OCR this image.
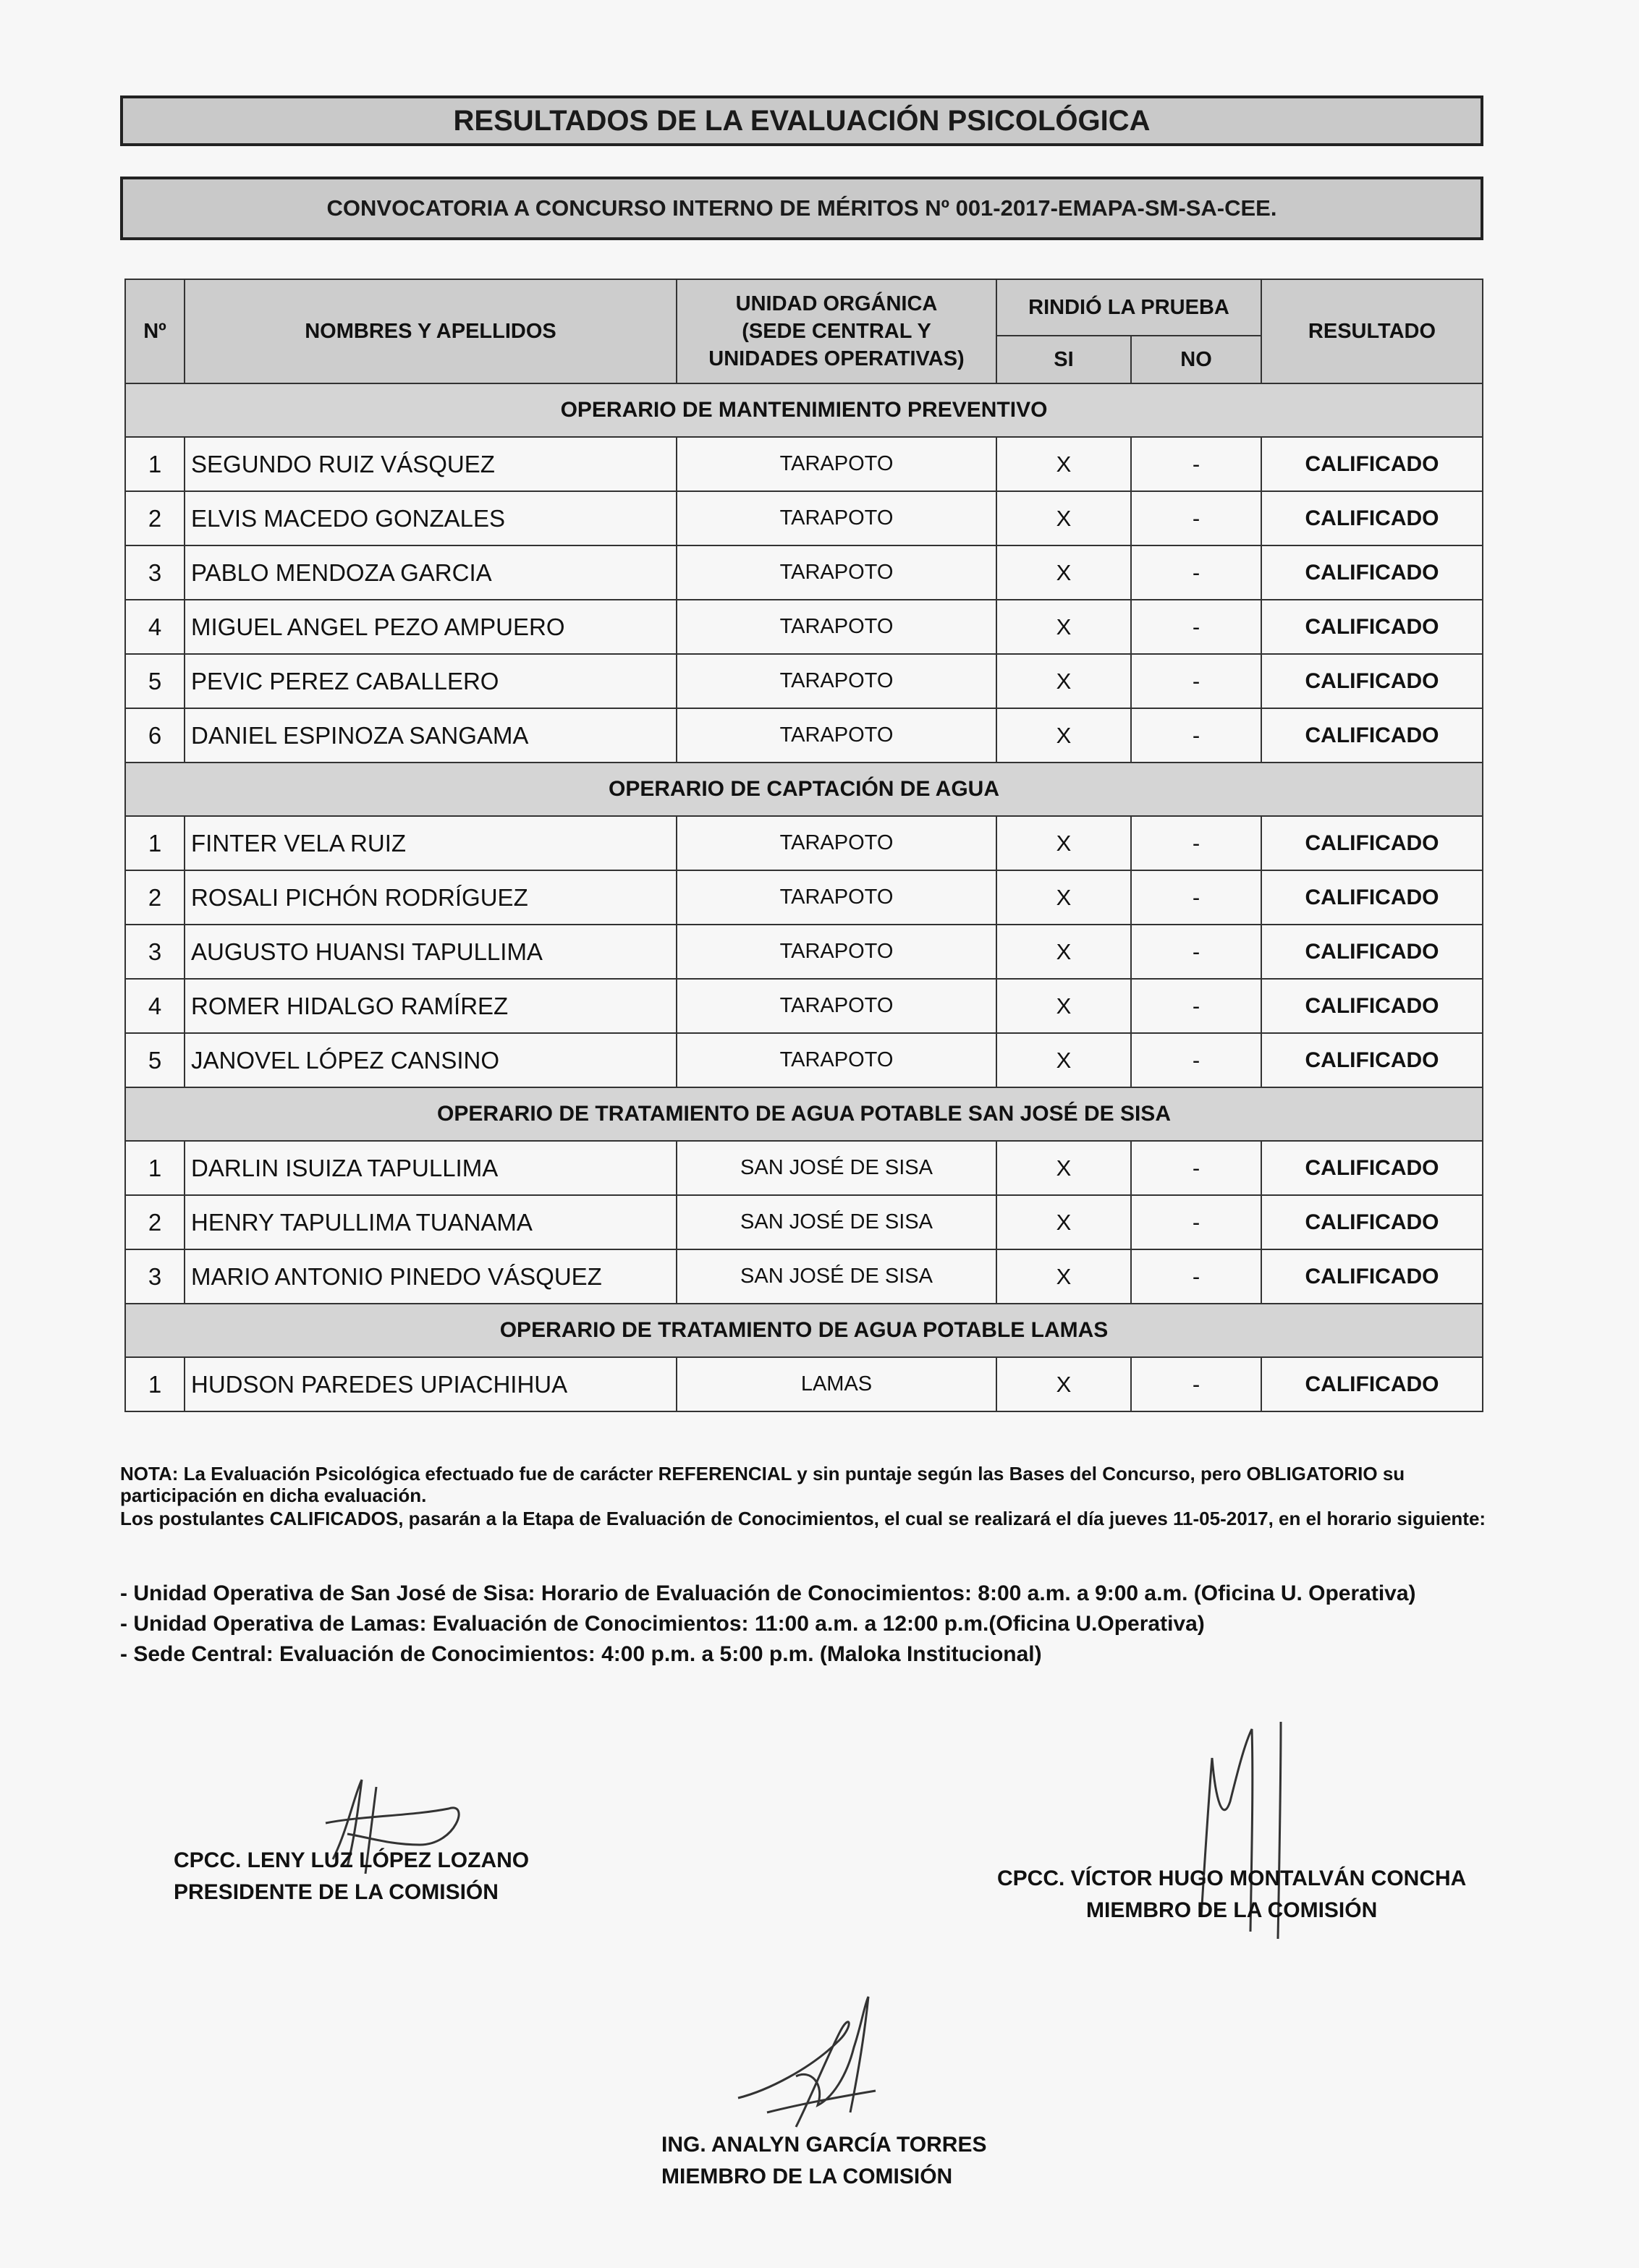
RESULTADOS DE LA EVALUACIÓN PSICOLÓGICA
CONVOCATORIA A CONCURSO INTERNO DE MÉRITOS Nº 001-2017-EMAPA-SM-SA-CEE.
Nº	NOMBRES Y APELLIDOS	UNIDAD ORGÁNICA
(SEDE CENTRAL Y
UNIDADES OPERATIVAS)	RINDIÓ LA PRUEBA		RESULTADO
			SI	NO	
OPERARIO DE MANTENIMIENTO PREVENTIVO					
1	SEGUNDO RUIZ VÁSQUEZ	TARAPOTO	X	-	CALIFICADO
2	ELVIS MACEDO GONZALES	TARAPOTO	X	-	CALIFICADO
3	PABLO MENDOZA GARCIA	TARAPOTO	X	-	CALIFICADO
4	MIGUEL ANGEL PEZO AMPUERO	TARAPOTO	X	-	CALIFICADO
5	PEVIC PEREZ CABALLERO	TARAPOTO	X	-	CALIFICADO
6	DANIEL ESPINOZA SANGAMA	TARAPOTO	X	-	CALIFICADO
OPERARIO DE CAPTACIÓN DE AGUA					
1	FINTER VELA RUIZ	TARAPOTO	X	-	CALIFICADO
2	ROSALI PICHÓN RODRÍGUEZ	TARAPOTO	X	-	CALIFICADO
3	AUGUSTO HUANSI TAPULLIMA	TARAPOTO	X	-	CALIFICADO
4	ROMER HIDALGO RAMÍREZ	TARAPOTO	X	-	CALIFICADO
5	JANOVEL LÓPEZ CANSINO	TARAPOTO	X	-	CALIFICADO
OPERARIO DE TRATAMIENTO DE AGUA POTABLE SAN JOSÉ DE SISA					
1	DARLIN ISUIZA TAPULLIMA	SAN JOSÉ DE SISA	X	-	CALIFICADO
2	HENRY TAPULLIMA TUANAMA	SAN JOSÉ DE SISA	X	-	CALIFICADO
3	MARIO ANTONIO PINEDO VÁSQUEZ	SAN JOSÉ DE SISA	X	-	CALIFICADO
OPERARIO DE TRATAMIENTO DE AGUA POTABLE LAMAS					
1	HUDSON PAREDES UPIACHIHUA	LAMAS	X	-	CALIFICADO

NOTA: La Evaluación Psicológica efectuado fue de carácter REFERENCIAL y sin puntaje según las Bases del Concurso, pero OBLIGATORIO su participación en dicha evaluación.

Los postulantes CALIFICADOS, pasarán a la Etapa de Evaluación de Conocimientos, el cual se realizará el día jueves 11-05-2017, en el horario siguiente:

- Unidad Operativa de San José de Sisa: Horario de Evaluación de Conocimientos: 8:00 a.m. a 9:00 a.m. (Oficina U. Operativa)
- Unidad Operativa de Lamas: Evaluación de Conocimientos: 11:00 a.m. a 12:00 p.m.(Oficina U.Operativa)
- Sede Central: Evaluación de Conocimientos: 4:00 p.m. a 5:00 p.m. (Maloka Institucional)
CPCC. LENY LUZ LÓPEZ LOZANO
PRESIDENTE DE LA COMISIÓN
CPCC. VÍCTOR HUGO MONTALVÁN CONCHA
MIEMBRO DE LA COMISIÓN
ING. ANALYN GARCÍA TORRES
MIEMBRO DE LA COMISIÓN
